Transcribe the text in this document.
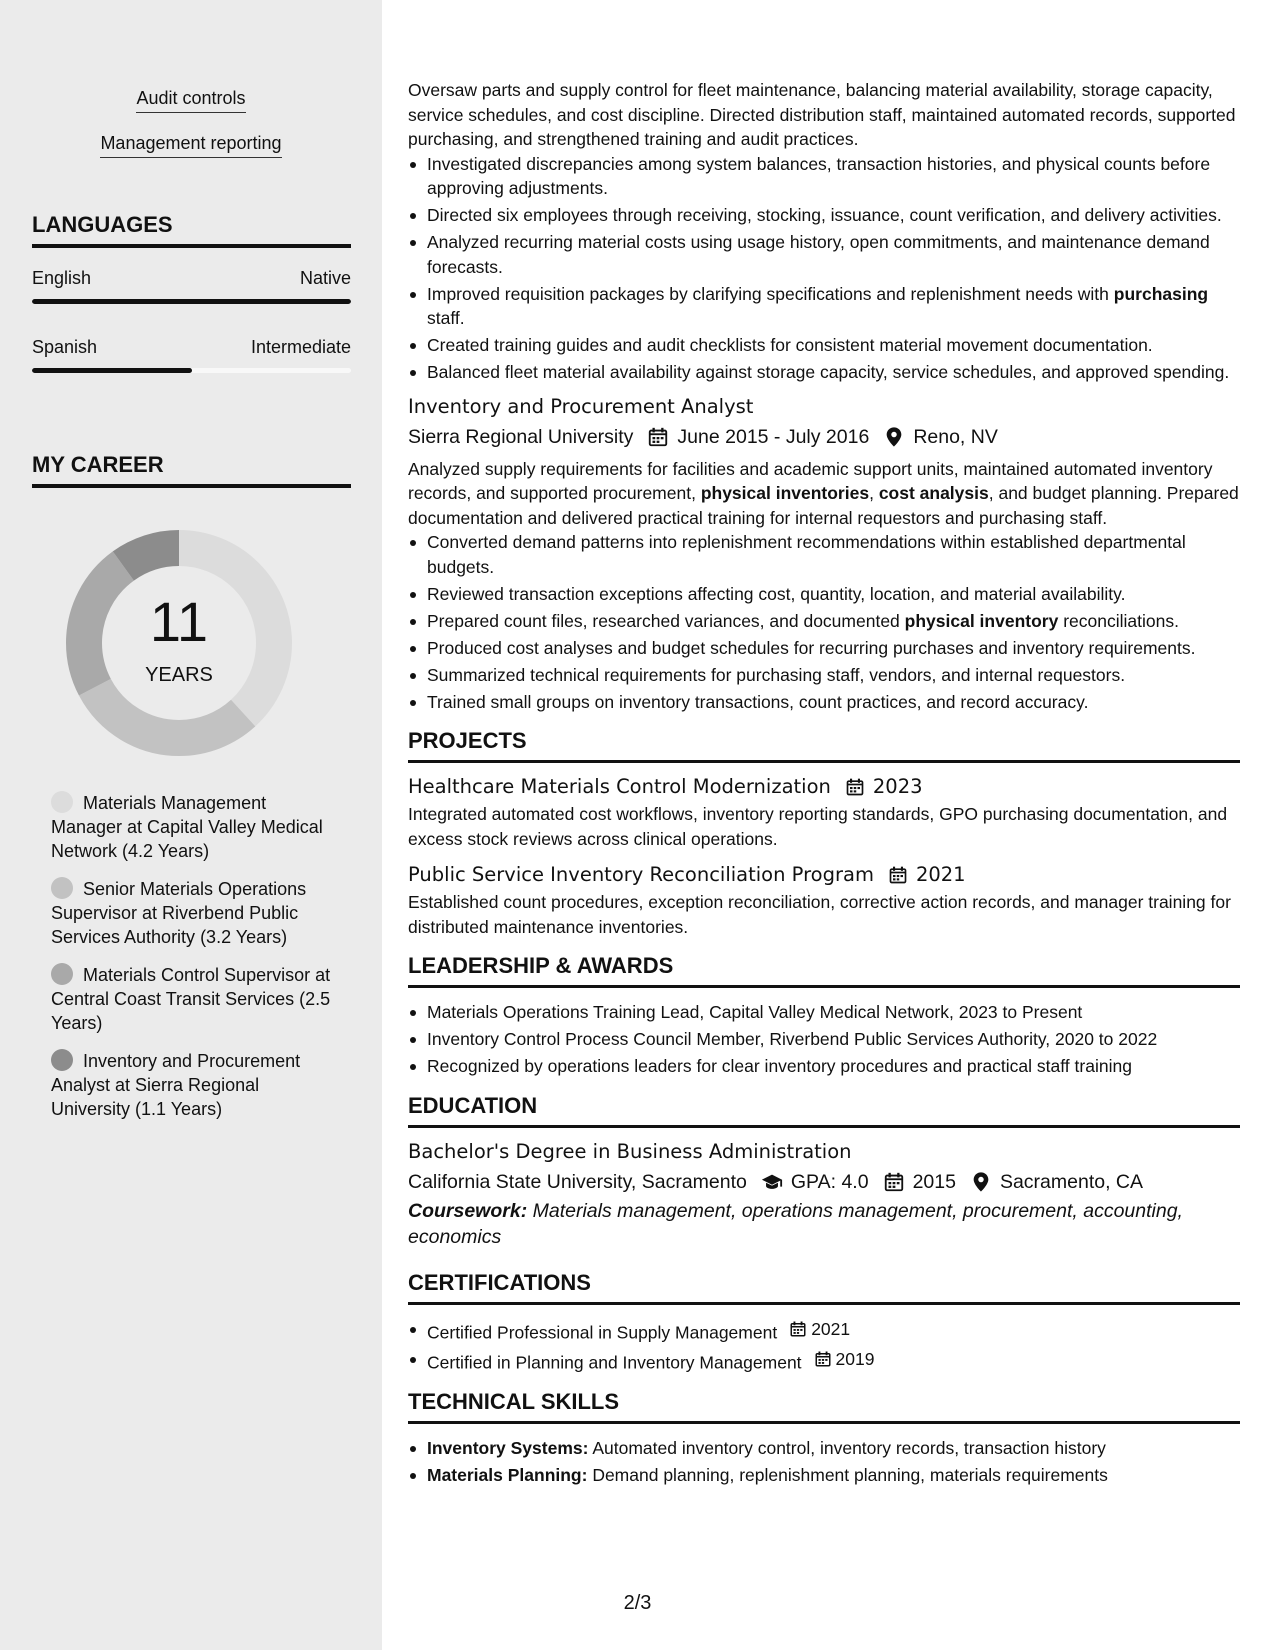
Audit controls
Management reporting
LANGUAGES
English	Native
Spanish	Intermediate
MY CAREER
11
YEARS
Materials Management Manager at Capital Valley Medical Network (4.2 Years)
Senior Materials Operations Supervisor at Riverbend Public Services Authority (3.2 Years)
Materials Control Supervisor at Central Coast Transit Services (2.5 Years)
Inventory and Procurement Analyst at Sierra Regional University (1.1 Years)

Oversaw parts and supply control for fleet maintenance, balancing material availability, storage capacity, service schedules, and cost discipline. Directed distribution staff, maintained automated records, supported purchasing, and strengthened training and audit practices.

Investigated discrepancies among system balances, transaction histories, and physical counts before approving adjustments.
Directed six employees through receiving, stocking, issuance, count verification, and delivery activities.
Analyzed recurring material costs using usage history, open commitments, and maintenance demand forecasts.
Improved requisition packages by clarifying specifications and replenishment needs with purchasing staff.
Created training guides and audit checklists for consistent material movement documentation.
Balanced fleet material availability against storage capacity, service schedules, and approved spending.
Inventory and Procurement Analyst
Sierra Regional University June 2015 - July 2016 Reno, NV

Analyzed supply requirements for facilities and academic support units, maintained automated inventory records, and supported procurement, physical inventories, cost analysis, and budget planning. Prepared documentation and delivered practical training for internal requestors and purchasing staff.

Converted demand patterns into replenishment recommendations within established departmental budgets.
Reviewed transaction exceptions affecting cost, quantity, location, and material availability.
Prepared count files, researched variances, and documented physical inventory reconciliations.
Produced cost analyses and budget schedules for recurring purchases and inventory requirements.
Summarized technical requirements for purchasing staff, vendors, and internal requestors.
Trained small groups on inventory transactions, count practices, and record accuracy.
PROJECTS
Healthcare Materials Control Modernization 2023

Integrated automated cost workflows, inventory reporting standards, GPO purchasing documentation, and excess stock reviews across clinical operations.

Public Service Inventory Reconciliation Program 2021

Established count procedures, exception reconciliation, corrective action records, and manager training for distributed maintenance inventories.

LEADERSHIP & AWARDS
Materials Operations Training Lead, Capital Valley Medical Network, 2023 to Present
Inventory Control Process Council Member, Riverbend Public Services Authority, 2020 to 2022
Recognized by operations leaders for clear inventory procedures and practical staff training
EDUCATION
Bachelor's Degree in Business Administration
California State University, Sacramento GPA: 4.0 2015 Sacramento, CA

Coursework: Materials management, operations management, procurement, accounting, economics

CERTIFICATIONS
Certified Professional in Supply Management 2021
Certified in Planning and Inventory Management 2019
TECHNICAL SKILLS
Inventory Systems: Automated inventory control, inventory records, transaction history
Materials Planning: Demand planning, replenishment planning, materials requirements
2/3
